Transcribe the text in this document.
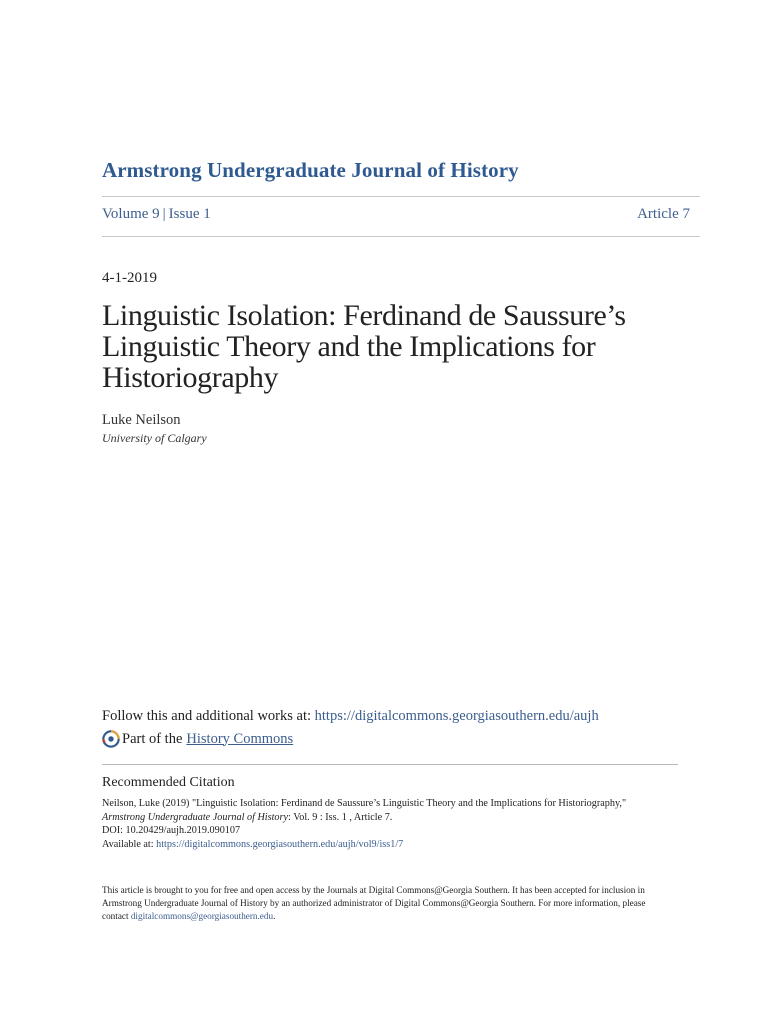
Armstrong Undergraduate Journal of History
Volume 9 | Issue 1	Article 7
4-1-2019
Linguistic Isolation: Ferdinand de Saussure’s
Linguistic Theory and the Implications for
Historiography
Luke Neilson
University of Calgary
Follow this and additional works at: https://digitalcommons.georgiasouthern.edu/aujh
Part of the History Commons
Recommended Citation
Neilson, Luke (2019) "Linguistic Isolation: Ferdinand de Saussure’s Linguistic Theory and the Implications for Historiography,"
Armstrong Undergraduate Journal of History: Vol. 9 : Iss. 1 , Article 7.
DOI: 10.20429/aujh.2019.090107
Available at: https://digitalcommons.georgiasouthern.edu/aujh/vol9/iss1/7
This article is brought to you for free and open access by the Journals at Digital Commons@Georgia Southern. It has been accepted for inclusion in Armstrong Undergraduate Journal of History by an authorized administrator of Digital Commons@Georgia Southern. For more information, please contact digitalcommons@georgiasouthern.edu.
